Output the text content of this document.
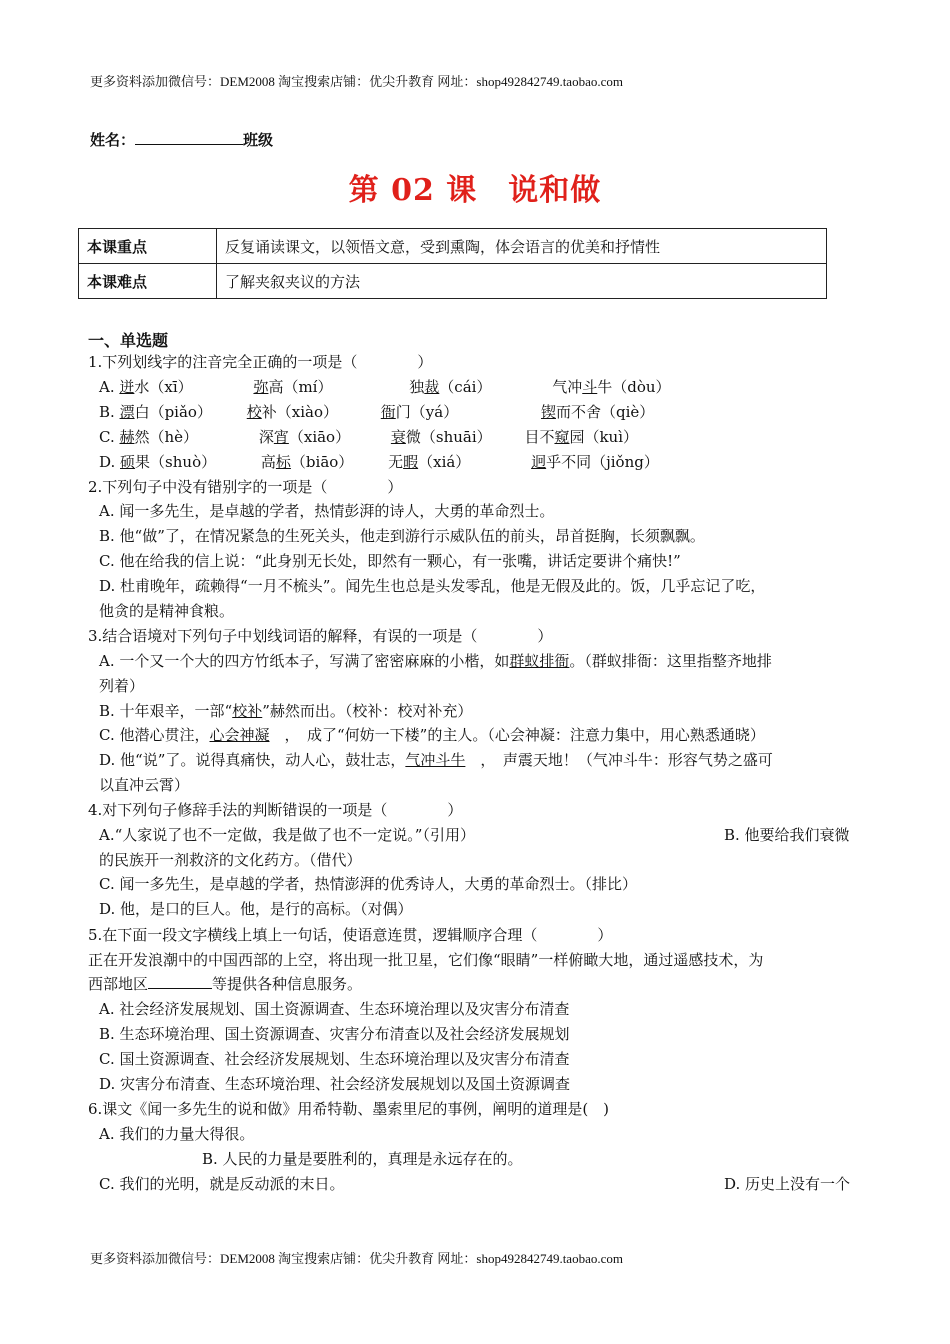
更多资料添加微信号：DEM2008 淘宝搜索店铺：优尖升教育 网址：shop492842749.taobao.com
姓名：	班级
第 02 课　说和做
本课重点	反复诵读课文，以领悟文意，受到熏陶，体会语言的优美和抒情性
本课难点	了解夹叙夹议的方法
一、单选题
1.下列划线字的注音完全正确的一项是（　　　　）
A. 迸水（xī）	弥高（mí）	独裁（cái）	气冲斗牛（dòu）
B. 漂白（piǎo） 校补（xiào）	衙门（yá）	锲而不舍（qiè）
C. 赫然（hè）	深宵（xiāo）	衰微（shuāi） 目不窥园（kuì）
D. 硕果（shuò）	高标（biāo） 无暇（xiá）	迥乎不同（jiǒng）
2.下列句子中没有错别字的一项是（　　　　）
A. 闻一多先生，是卓越的学者，热情彭湃的诗人，大勇的革命烈士。
B. 他“做”了，在情况紧急的生死关头，他走到游行示威队伍的前头，昂首挺胸，长须飘飘。
C. 他在给我的信上说：“此身别无长处，即然有一颗心，有一张嘴，讲话定要讲个痛快!”
D. 杜甫晚年，疏赖得“一月不梳头”。闻先生也总是头发零乱，他是无假及此的。饭，几乎忘记了吃，
他贪的是精神食粮。
3.结合语境对下列句子中划线词语的解释，有误的一项是（　　　　）
A. 一个又一个大的四方竹纸本子，写满了密密麻麻的小楷，如群蚁排衙。（群蚁排衙：这里指整齐地排
列着）
B. 十年艰辛，一部“校补”赫然而出。（校补：校对补充）
C. 他潜心贯注，心会神凝　，　成了“何妨一下楼”的主人。（心会神凝：注意力集中，用心熟悉通晓）
D. 他“说”了。说得真痛快，动人心，鼓壮志，气冲斗牛　，　声震天地！（气冲斗牛：形容气势之盛可
以直冲云霄）
4.对下列句子修辞手法的判断错误的一项是（　　　　）
A.“人家说了也不一定做，我是做了也不一定说。”（引用）	B. 他要给我们衰微
的民族开一剂救济的文化药方。（借代）
C. 闻一多先生，是卓越的学者，热情澎湃的优秀诗人，大勇的革命烈士。（排比）
D. 他，是口的巨人。他，是行的高标。（对偶）
5.在下面一段文字横线上填上一句话，使语意连贯，逻辑顺序合理（　　　　）
正在开发浪潮中的中国西部的上空，将出现一批卫星，它们像“眼睛”一样俯瞰大地，通过遥感技术，为
西部地区	等提供各种信息服务。
A. 社会经济发展规划、国土资源调查、生态环境治理以及灾害分布清查
B. 生态环境治理、国土资源调查、灾害分布清查以及社会经济发展规划
C. 国土资源调查、社会经济发展规划、生态环境治理以及灾害分布清查
D. 灾害分布清查、生态环境治理、社会经济发展规划以及国土资源调查
6.课文《闻一多先生的说和做》用希特勒、墨索里尼的事例，阐明的道理是(　)
A. 我们的力量大得很。
B. 人民的力量是要胜利的，真理是永远存在的。
C. 我们的光明，就是反动派的末日。	D. 历史上没有一个
更多资料添加微信号：DEM2008 淘宝搜索店铺：优尖升教育 网址：shop492842749.taobao.com
